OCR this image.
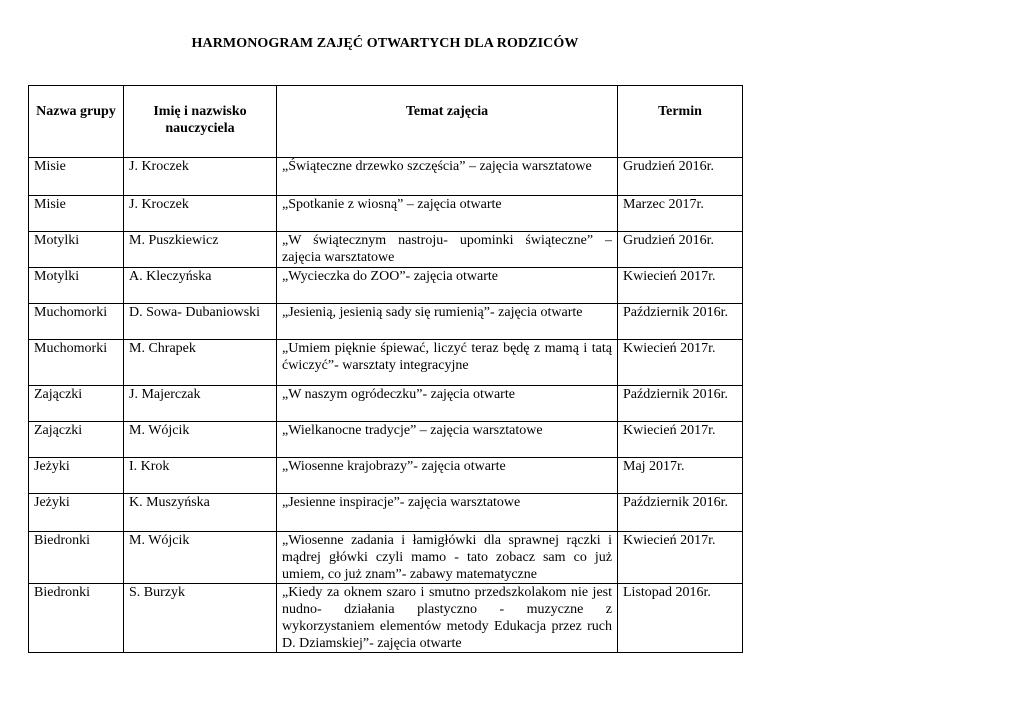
HARMONOGRAM ZAJĘĆ OTWARTYCH DLA RODZICÓW
Nazwa grupy	Imię i nazwisko nauczyciela	Temat zajęcia	Termin
Misie	J. Kroczek	„Świąteczne drzewko szczęścia” – zajęcia warsztatowe	Grudzień 2016r.
Misie	J. Kroczek	„Spotkanie z wiosną” – zajęcia otwarte	Marzec 2017r.
Motylki	M. Puszkiewicz	„W świątecznym nastroju- upominki świąteczne” – zajęcia warsztatowe	Grudzień 2016r.
Motylki	A. Kleczyńska	„Wycieczka do ZOO”- zajęcia otwarte	Kwiecień 2017r.
Muchomorki	D. Sowa- Dubaniowski	„Jesienią, jesienią sady się rumienią”- zajęcia otwarte	Październik 2016r.
Muchomorki	M. Chrapek	„Umiem pięknie śpiewać, liczyć teraz będę z mamą i tatą ćwiczyć”- warsztaty integracyjne	Kwiecień 2017r.
Zajączki	J. Majerczak	„W naszym ogródeczku”- zajęcia otwarte	Październik 2016r.
Zajączki	M. Wójcik	„Wielkanocne tradycje” – zajęcia warsztatowe	Kwiecień 2017r.
Jeżyki	I. Krok	„Wiosenne krajobrazy”- zajęcia otwarte	Maj 2017r.
Jeżyki	K. Muszyńska	„Jesienne inspiracje”- zajęcia warsztatowe	Październik 2016r.
Biedronki	M. Wójcik	„Wiosenne zadania i łamigłówki dla sprawnej rączki i mądrej główki czyli mamo - tato zobacz sam co już umiem, co już znam”- zabawy matematyczne	Kwiecień 2017r.
Biedronki	S. Burzyk	„Kiedy za oknem szaro i smutno przedszkolakom nie jest nudno- działania plastyczno - muzyczne z wykorzystaniem elementów metody Edukacja przez ruch D. Dziamskiej”- zajęcia otwarte	Listopad 2016r.
